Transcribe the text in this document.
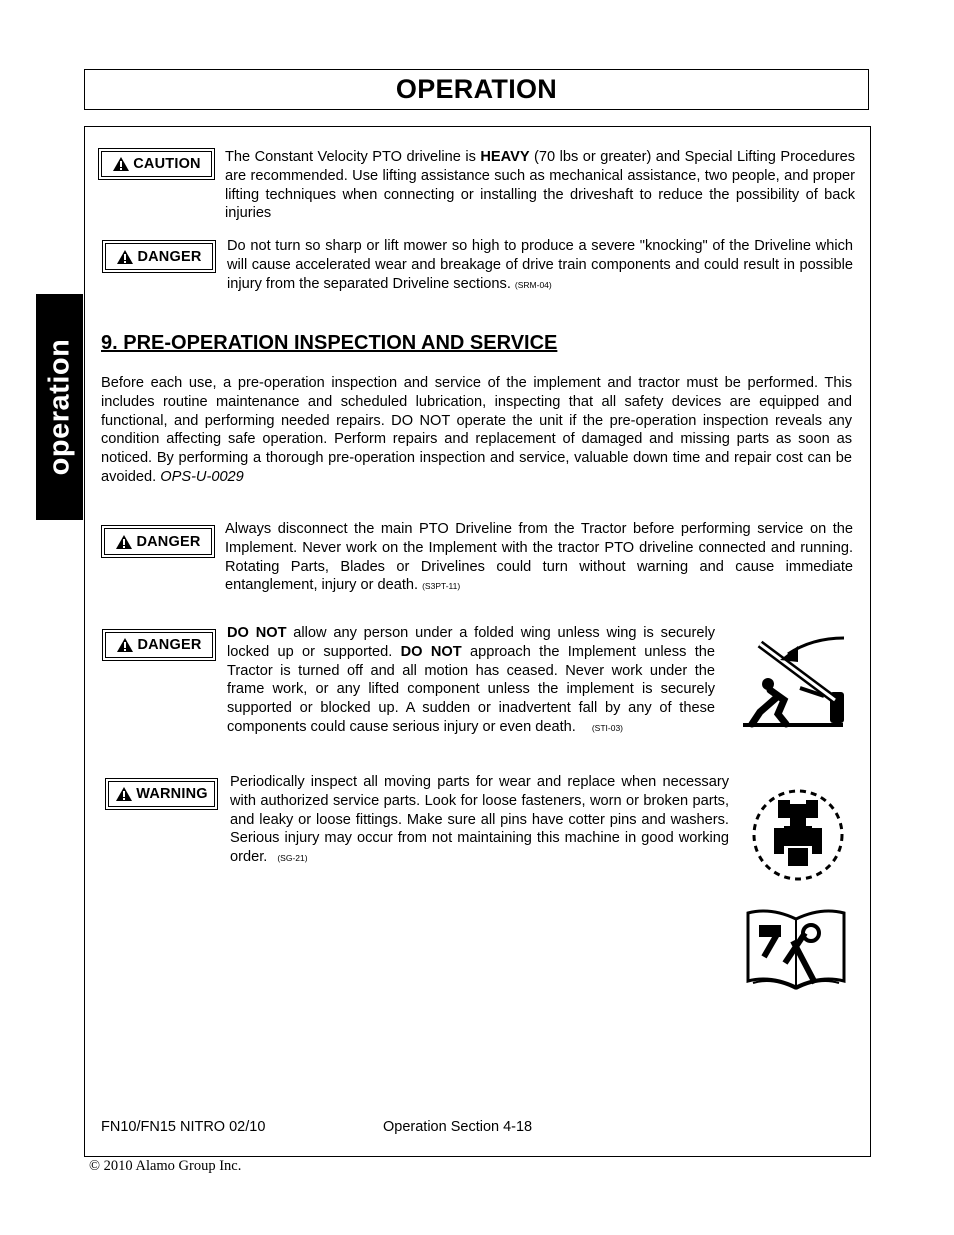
OPERATION
operation
CAUTION The Constant Velocity PTO driveline is HEAVY (70 lbs or greater) and Special Lifting Procedures are recommended. Use lifting assistance such as mechanical assistance, two people, and proper lifting techniques when connecting or installing the driveshaft to reduce the possibility of back injuries
DANGER
Do not turn so sharp or lift mower so high to produce a severe "knocking" of the Driveline which will cause accelerated wear and breakage of drive train components and could result in possible injury from the separated Driveline sections. (SRM-04)
9. PRE-OPERATION INSPECTION AND SERVICE
Before each use, a pre-operation inspection and service of the implement and tractor must be performed. This includes routine maintenance and scheduled lubrication, inspecting that all safety devices are equipped and functional, and performing needed repairs. DO NOT operate the unit if the pre-operation inspection reveals any condition affecting safe operation. Perform repairs and replacement of damaged and missing parts as soon as noticed. By performing a thorough pre-operation inspection and service, valuable down time and repair cost can be avoided. OPS-U-0029
DANGER
Always disconnect the main PTO Driveline from the Tractor before performing service on the Implement. Never work on the Implement with the tractor PTO driveline connected and running. Rotating Parts, Blades or Drivelines could turn without warning and cause immediate entanglement, injury or death. (S3PT-11)
DANGER
DO NOT allow any person under a folded wing unless wing is securely locked up or supported. DO NOT approach the Implement unless the Tractor is turned off and all motion has ceased. Never work under the frame work, or any lifted component unless the implement is securely supported or blocked up. A sudden or inadvertent fall by any of these components could cause serious injury or even death. (STI-03)
WARNING
Periodically inspect all moving parts for wear and replace when necessary with authorized service parts. Look for loose fasteners, worn or broken parts, and leaky or loose fittings. Make sure all pins have cotter pins and washers. Serious injury may occur from not maintaining this machine in good working order. (SG-21)
FN10/FN15 NITRO 02/10	Operation Section 4-18
© 2010 Alamo Group Inc.
